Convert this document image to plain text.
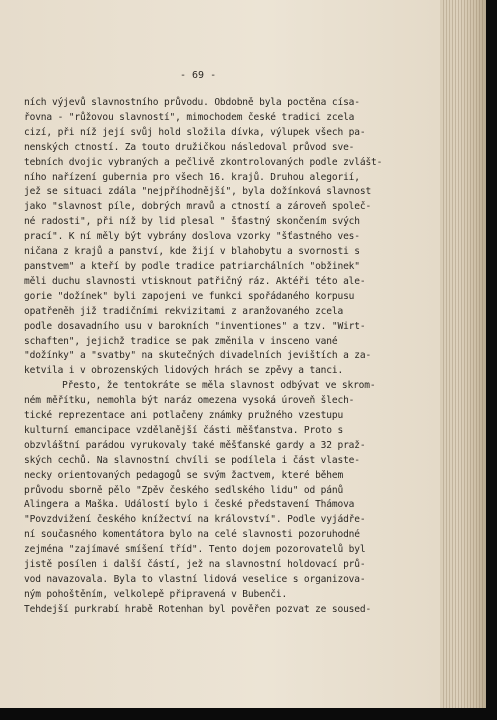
- 69 -
ních výjevů slavnostního průvodu. Obdobně byla poctěna císa-
řovna - "růžovou slavností", mimochodem české tradici zcela
cizí, při níž její svůj hold složila dívka, výlupek všech pa-
nenských ctností. Za touto družičkou následoval průvod sve-
tebních dvojic vybraných a pečlivě zkontrolovaných podle zvlášt-
ního nařízení gubernia pro všech 16. krajů. Druhou alegorií,
jež se situaci zdála "nejpříhodnější", byla dožínková slavnost
jako "slavnost píle, dobrých mravů a ctností a zároveň společ-
né radosti", při níž by lid plesal " šťastný skončením svých
prací". K ní měly být vybrány doslova vzorky "šťastného ves-
ničana z krajů a panství, kde žijí v blahobytu a svornosti s
panstvem" a kteří by podle tradice patriarchálních "obžinek"
měli duchu slavnosti vtisknout patřičný ráz. Aktéři této ale-
gorie "dožínek" byli zapojeni ve funkci spořádaného korpusu
opatřeněh již tradičními rekvizitami z aranžovaného zcela
podle dosavadního usu v barokních "inventiones" a tzv. "Wirt-
schaften", jejichž tradice se pak změnila v insceno vané
"dožínky" a "svatby" na skutečných divadelních jevištích a za-
ketvila i v obrozenských lidových hrách se zpěvy a tanci.
Přesto, že tentokráte se měla slavnost odbývat ve skrom-
ném měřítku, nemohla být naráz omezena vysoká úroveň šlech-
tické reprezentace ani potlačeny známky pružného vzestupu
kulturní emancipace vzdělanější části měšťanstva. Proto s
obzvláštní parádou vyrukovaly také měšťanské gardy a 32 praž-
ských cechů. Na slavnostní chvíli se podílela i část vlaste-
necky orientovaných pedagogů se svým žactvem, které během
průvodu sborně pělo "Zpěv českého sedlského lidu" od pánů
Alingera a Maška. Událostí bylo i české představení Thámova
"Povzdvižení českého knížectví na království". Podle vyjádře-
ní současného komentátora bylo na celé slavnosti pozoruhodné
zejména "zajímavé smíšení tříd". Tento dojem pozorovatelů byl
jistě posílen i další částí, jež na slavnostní holdovací prů-
vod navazovala. Byla to vlastní lidová veselice s organizova-
ným pohoštěním, velkolepě připravená v Bubenči.
Tehdejší purkrabí hrabě Rotenhan byl pověřen pozvat ze soused-
